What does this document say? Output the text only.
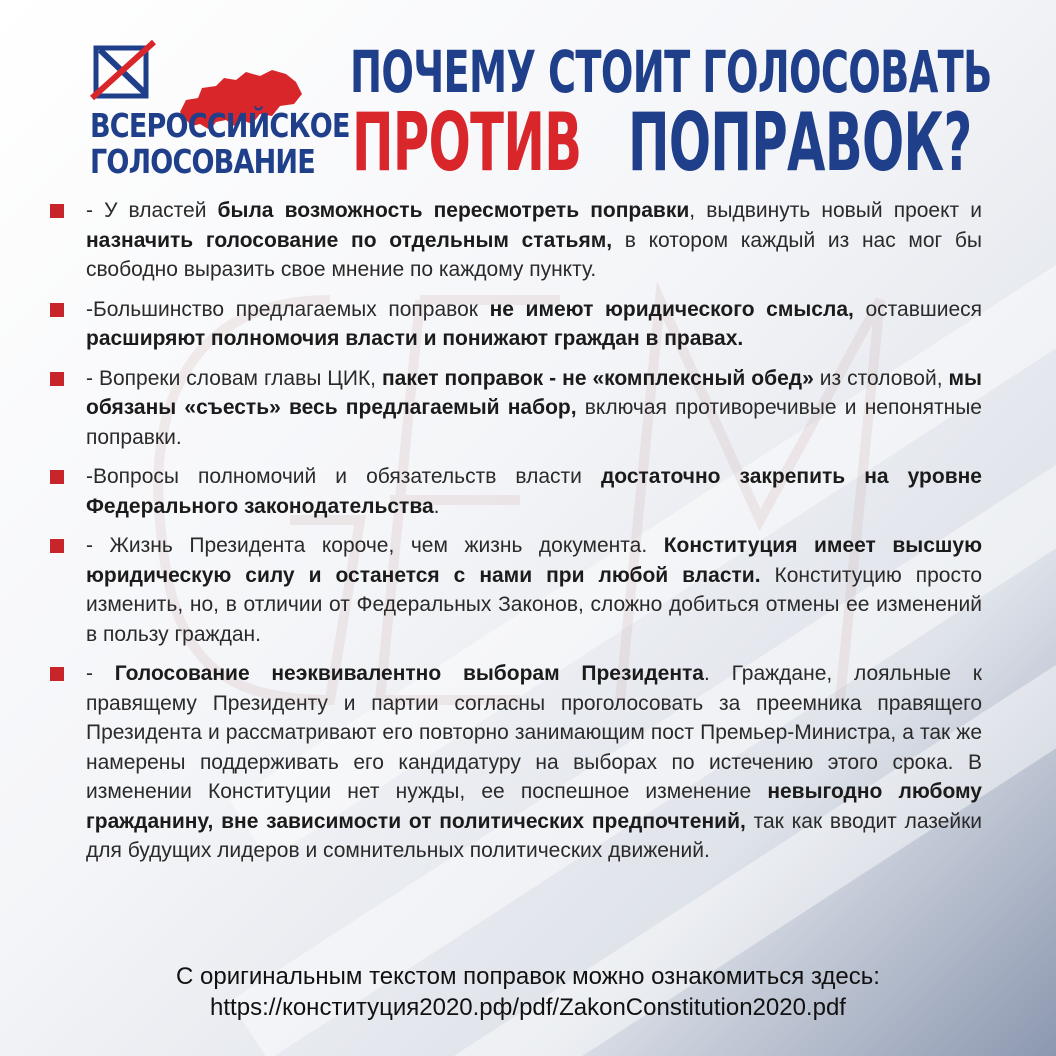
ВСЕРОССИЙСКОЕ
ГОЛОСОВАНИЕ
ПОЧЕМУ СТОИТ ГОЛОСОВАТЬ
ПРОТИВ ПОПРАВОК?
- У властей была возможность пересмотреть поправки, выдвинуть новый проект и назначить голосование по отдельным статьям, в котором каждый из нас мог бы свободно выразить свое мнение по каждому пункту.
-Большинство предлагаемых поправок не имеют юридического смысла, оставшиеся расширяют полномочия власти и понижают граждан в правах.
- Вопреки словам главы ЦИК, пакет поправок - не «комплексный обед» из столовой, мы обязаны «съесть» весь предлагаемый набор, включая противоречивые и непонятные поправки.
-Вопросы полномочий и обязательств власти достаточно закрепить на уровне Федерального законодательства.
- Жизнь Президента короче, чем жизнь документа. Конституция имеет высшую юридическую силу и останется с нами при любой власти. Конституцию просто изменить, но, в отличии от Федеральных Законов, сложно добиться отмены ее изменений в пользу граждан.
- Голосование неэквивалентно выборам Президента. Граждане, лояльные к правящему Президенту и партии согласны проголосовать за преемника правящего Президента и рассматривают его повторно занимающим пост Премьер-Министра, а так же намерены поддерживать его кандидатуру на выборах по истечению этого срока. В изменении Конституции нет нужды, ее поспешное изменение невыгодно любому гражданину, вне зависимости от политических предпочтений, так как вводит лазейки для будущих лидеров и сомнительных политических движений.
С оригинальным текстом поправок можно ознакомиться здесь:
https://конституция2020.рф/pdf/ZakonConstitution2020.pdf
